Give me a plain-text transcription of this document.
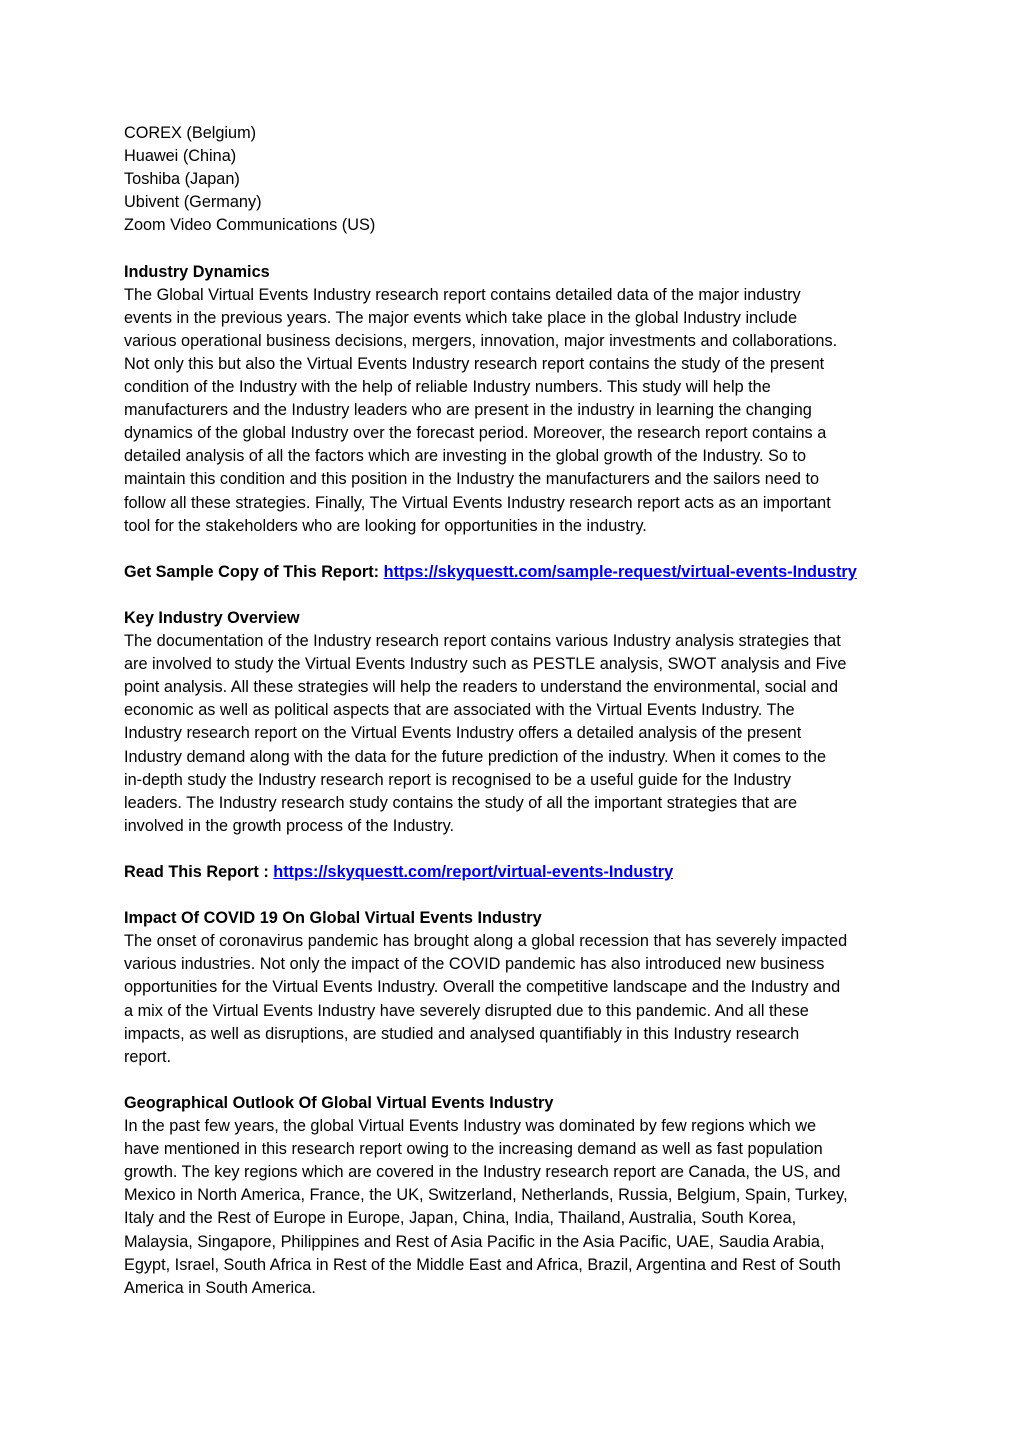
COREX (Belgium)
Huawei (China)
Toshiba (Japan)
Ubivent (Germany)
Zoom Video Communications (US)
Industry Dynamics
The Global Virtual Events Industry research report contains detailed data of the major industry
events in the previous years. The major events which take place in the global Industry include
various operational business decisions, mergers, innovation, major investments and collaborations.
Not only this but also the Virtual Events Industry research report contains the study of the present
condition of the Industry with the help of reliable Industry numbers. This study will help the
manufacturers and the Industry leaders who are present in the industry in learning the changing
dynamics of the global Industry over the forecast period. Moreover, the research report contains a
detailed analysis of all the factors which are investing in the global growth of the Industry. So to
maintain this condition and this position in the Industry the manufacturers and the sailors need to
follow all these strategies. Finally, The Virtual Events Industry research report acts as an important
tool for the stakeholders who are looking for opportunities in the industry.
Get Sample Copy of This Report: https://skyquestt.com/sample-request/virtual-events-Industry
Key Industry Overview
The documentation of the Industry research report contains various Industry analysis strategies that
are involved to study the Virtual Events Industry such as PESTLE analysis, SWOT analysis and Five
point analysis. All these strategies will help the readers to understand the environmental, social and
economic as well as political aspects that are associated with the Virtual Events Industry. The
Industry research report on the Virtual Events Industry offers a detailed analysis of the present
Industry demand along with the data for the future prediction of the industry. When it comes to the
in-depth study the Industry research report is recognised to be a useful guide for the Industry
leaders. The Industry research study contains the study of all the important strategies that are
involved in the growth process of the Industry.
Read This Report : https://skyquestt.com/report/virtual-events-Industry
Impact Of COVID 19 On Global Virtual Events Industry
The onset of coronavirus pandemic has brought along a global recession that has severely impacted
various industries. Not only the impact of the COVID pandemic has also introduced new business
opportunities for the Virtual Events Industry. Overall the competitive landscape and the Industry and
a mix of the Virtual Events Industry have severely disrupted due to this pandemic. And all these
impacts, as well as disruptions, are studied and analysed quantifiably in this Industry research
report.
Geographical Outlook Of Global Virtual Events Industry
In the past few years, the global Virtual Events Industry was dominated by few regions which we
have mentioned in this research report owing to the increasing demand as well as fast population
growth. The key regions which are covered in the Industry research report are Canada, the US, and
Mexico in North America, France, the UK, Switzerland, Netherlands, Russia, Belgium, Spain, Turkey,
Italy and the Rest of Europe in Europe, Japan, China, India, Thailand, Australia, South Korea,
Malaysia, Singapore, Philippines and Rest of Asia Pacific in the Asia Pacific, UAE, Saudia Arabia,
Egypt, Israel, South Africa in Rest of the Middle East and Africa, Brazil, Argentina and Rest of South
America in South America.
